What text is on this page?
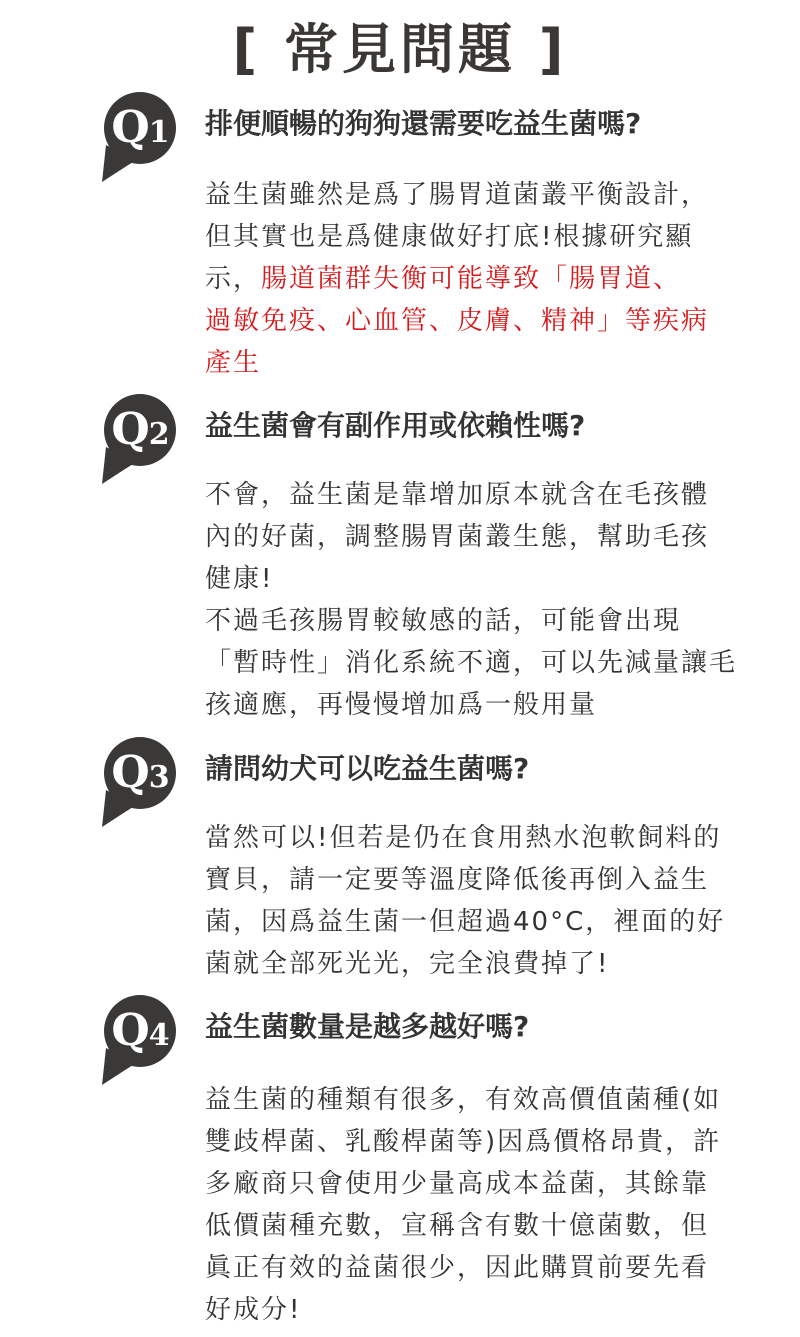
[ 常見問題 ]
Q1	排便順暢的狗狗還需要吃益生菌嗎?
益生菌雖然是爲了腸胃道菌叢平衡設計，
但其實也是爲健康做好打底!根據研究顯
示，腸道菌群失衡可能導致「腸胃道、
過敏免疫、心血管、皮膚、精神」等疾病
產生
Q2	益生菌會有副作用或依賴性嗎?
不會，益生菌是靠增加原本就含在毛孩體
內的好菌，調整腸胃菌叢生態，幫助毛孩
健康!
不過毛孩腸胃較敏感的話，可能會出現
「暫時性」消化系統不適，可以先減量讓毛
孩適應，再慢慢增加爲一般用量
Q3	請問幼犬可以吃益生菌嗎?
當然可以!但若是仍在食用熱水泡軟飼料的
寶貝，請一定要等溫度降低後再倒入益生
菌，因爲益生菌一但超過40°C，裡面的好
菌就全部死光光，完全浪費掉了!
Q4	益生菌數量是越多越好嗎?
益生菌的種類有很多，有效高價值菌種(如
雙歧桿菌、乳酸桿菌等)因爲價格昂貴，許
多廠商只會使用少量高成本益菌，其餘靠
低價菌種充數，宣稱含有數十億菌數，但
眞正有效的益菌很少，因此購買前要先看
好成分!
